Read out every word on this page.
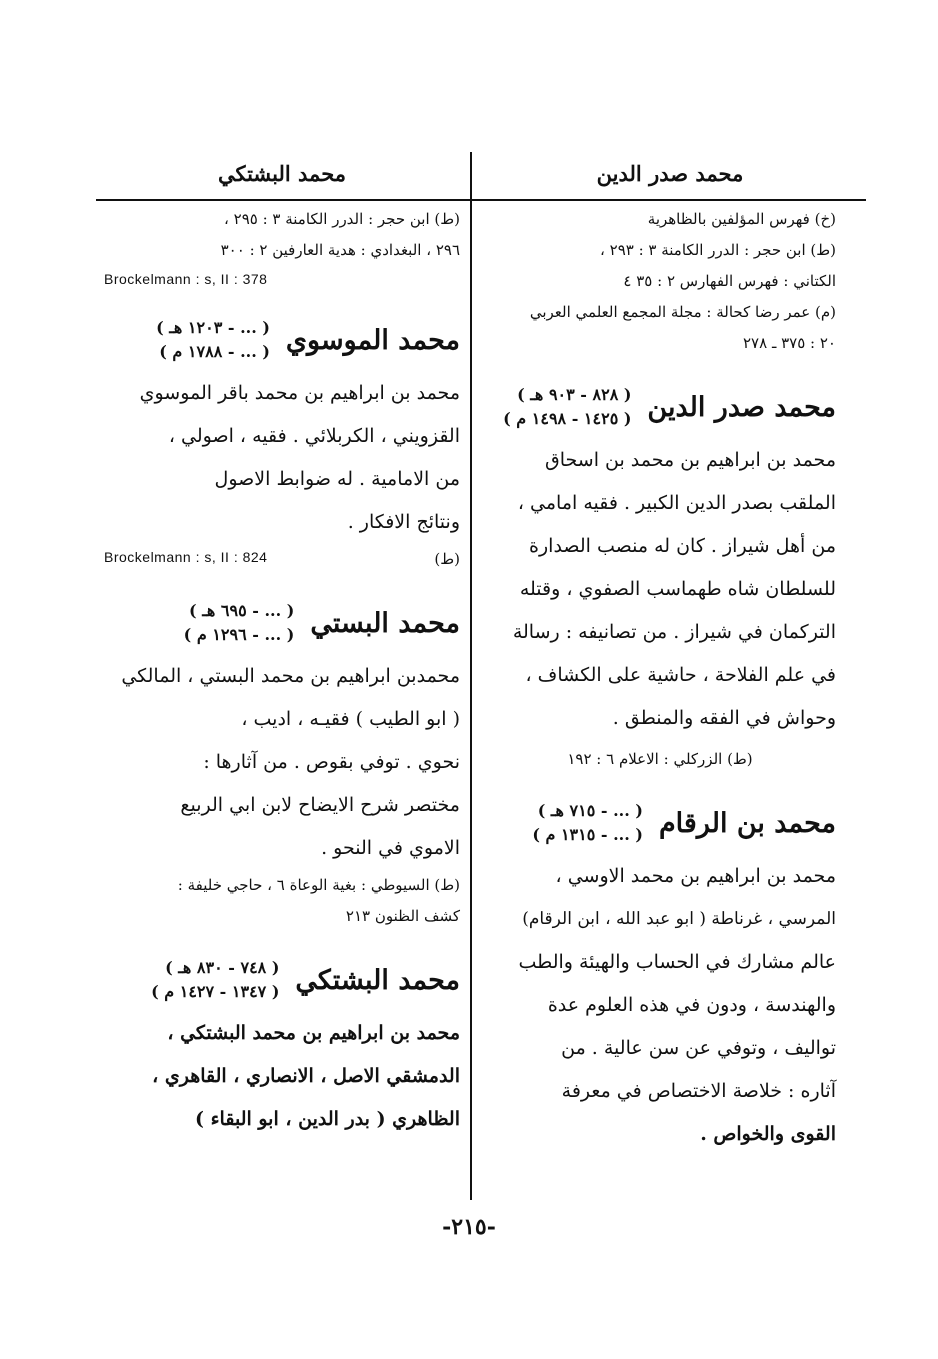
محمد صدر الدين
محمد البشتكي
(خ) فهرس المؤلفين بالظاهرية
(ط) ابن حجر : الدرر الكامنة ٣ : ٢٩٣ ،
الكتاني : فهرس الفهارس ٢ : ٣٥ ٤
(م) عمر رضا كحالة : مجلة المجمع العلمي العربي
٢٠ : ٣٧٥ ـ ٢٧٨
محمد صدر الدين
( ٨٢٨ - ٩٠٣ هـ )
( ١٤٢٥ - ١٤٩٨ م )
محمد بن ابراهيم بن محمد بن اسحاق
الملقب بصدر الدين الكبير . فقيه امامي ،
من أهل شيراز . كان له منصب الصدارة
للسلطان شاه طهماسب الصفوي ، وقتله
التركمان في شيراز . من تصانيفه : رسالة
في علم الفلاحة ، حاشية على الكشاف ،
وحواش في الفقه والمنطق .
(ط) الزركلي : الاعلام ٦ : ١٩٢
محمد بن الرقام
( ... - ٧١٥ هـ )
( ... - ١٣١٥ م )
محمد بن ابراهيم بن محمد الاوسي ،
المرسي ، غرناطة ( ابو عبد الله ، ابن الرقام)
عالم مشارك في الحساب والهيئة والطب
والهندسة ، ودون في هذه العلوم عدة
تواليف ، وتوفي عن سن عالية . من
آثاره : خلاصة الاختصاص في معرفة
القوى والخواص .
(ط) ابن حجر : الدرر الكامنة ٣ : ٢٩٥ ،
٢٩٦ ، البغدادي : هدية العارفين ٢ : ٣٠٠
Brockelmann : s, II : 378
محمد الموسوي
( ... - ١٢٠٣ هـ )
( ... - ١٧٨٨ م )
محمد بن ابراهيم بن محمد باقر الموسوي
القزويني ، الكربلائي . فقيه ، اصولي ،
من الامامية . له ضوابط الاصول
ونتائج الافكار .
Brockelmann : s, II : 824	(ط)
محمد البستي
( ... - ٦٩٥ هـ )
( ... - ١٢٩٦ م )
محمدبن ابراهيم بن محمد البستي ، المالكي
( ابو الطيب ) فقيـه ، اديب ،
نحوي . توفي بقوص . من آثارها :
مختصر شرح الايضاح لابن ابي الربيع
الاموي في النحو .
(ط) السيوطي : بغية الوعاة ٦ ، حاجي خليفة :
كشف الظنون ٢١٣
محمد البشتكي
( ٧٤٨ - ٨٣٠ هـ )
( ١٣٤٧ - ١٤٢٧ م )
محمد بن ابراهيم بن محمد البشتكي ،
الدمشقي الاصل ، الانصاري ، القاهري ،
الظاهري ( بدر الدين ، ابو البقاء )
-٢١٥-
